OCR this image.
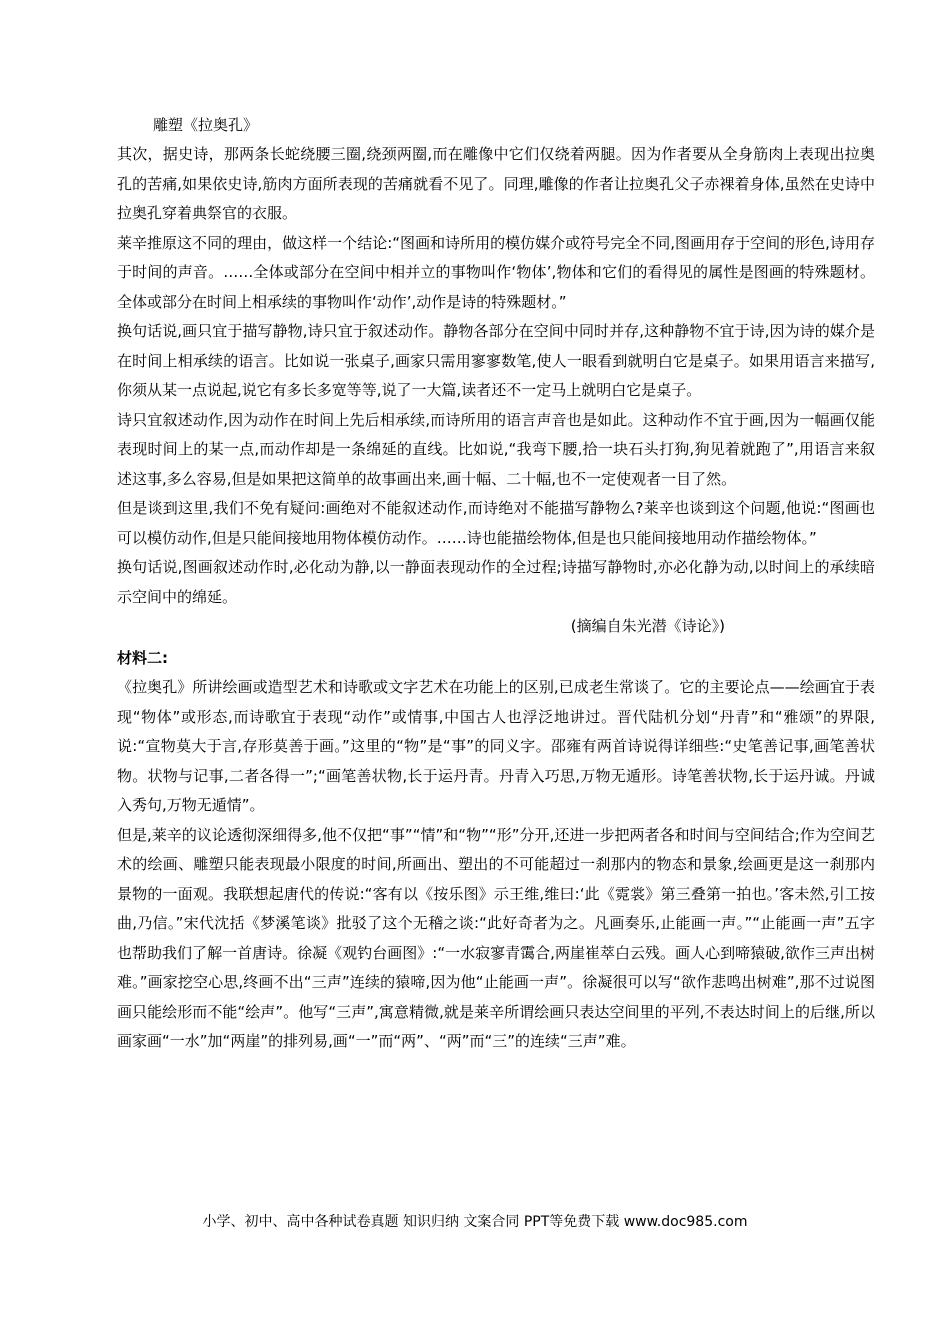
雕塑《拉奥孔》

其次，据史诗，那两条长蛇绕腰三圈,绕颈两圈,而在雕像中它们仅绕着两腿。因为作者要从全身筋肉上表现出拉奥孔的苦痛,如果依史诗,筋肉方面所表现的苦痛就看不见了。同理,雕像的作者让拉奥孔父子赤裸着身体,虽然在史诗中拉奥孔穿着典祭官的衣服。

莱辛推原这不同的理由，做这样一个结论:“图画和诗所用的模仿媒介或符号完全不同,图画用存于空间的形色,诗用存于时间的声音。……全体或部分在空间中相并立的事物叫作‘物体’,物体和它们的看得见的属性是图画的特殊题材。全体或部分在时间上相承续的事物叫作‘动作’,动作是诗的特殊题材。”

换句话说,画只宜于描写静物,诗只宜于叙述动作。静物各部分在空间中同时并存,这种静物不宜于诗,因为诗的媒介是在时间上相承续的语言。比如说一张桌子,画家只需用寥寥数笔,使人一眼看到就明白它是桌子。如果用语言来描写,你须从某一点说起,说它有多长多宽等等,说了一大篇,读者还不一定马上就明白它是桌子。

诗只宜叙述动作,因为动作在时间上先后相承续,而诗所用的语言声音也是如此。这种动作不宜于画,因为一幅画仅能表现时间上的某一点,而动作却是一条绵延的直线。比如说,“我弯下腰,拾一块石头打狗,狗见着就跑了”,用语言来叙述这事,多么容易,但是如果把这简单的故事画出来,画十幅、二十幅,也不一定使观者一目了然。

但是谈到这里,我们不免有疑问:画绝对不能叙述动作,而诗绝对不能描写静物么?莱辛也谈到这个问题,他说:“图画也可以模仿动作,但是只能间接地用物体模仿动作。……诗也能描绘物体,但是也只能间接地用动作描绘物体。”

换句话说,图画叙述动作时,必化动为静,以一静面表现动作的全过程;诗描写静物时,亦必化静为动,以时间上的承续暗示空间中的绵延。

(摘编自朱光潜《诗论》)
材料二:

《拉奥孔》所讲绘画或造型艺术和诗歌或文字艺术在功能上的区别,已成老生常谈了。它的主要论点——绘画宜于表现“物体”或形态,而诗歌宜于表现“动作”或情事,中国古人也浮泛地讲过。晋代陆机分划“丹青”和“雅颂”的界限,说:“宣物莫大于言,存形莫善于画。”这里的“物”是“事”的同义字。邵雍有两首诗说得详细些:“史笔善记事,画笔善状物。状物与记事,二者各得一”;“画笔善状物,长于运丹青。丹青入巧思,万物无遁形。诗笔善状物,长于运丹诚。丹诚入秀句,万物无遁情”。

但是,莱辛的议论透彻深细得多,他不仅把“事”“情”和“物”“形”分开,还进一步把两者各和时间与空间结合;作为空间艺术的绘画、雕塑只能表现最小限度的时间,所画出、塑出的不可能超过一刹那内的物态和景象,绘画更是这一刹那内景物的一面观。我联想起唐代的传说:“客有以《按乐图》示王维,维曰:‘此《霓裳》第三叠第一拍也。’客未然,引工按曲,乃信。”宋代沈括《梦溪笔谈》批驳了这个无稽之谈:“此好奇者为之。凡画奏乐,止能画一声。”“止能画一声”五字也帮助我们了解一首唐诗。徐凝《观钓台画图》:“一水寂寥青霭合,两崖崔萃白云残。画人心到啼猿破,欲作三声出树难。”画家挖空心思,终画不出“三声”连续的猿啼,因为他“止能画一声”。徐凝很可以写“欲作悲鸣出树难”,那不过说图画只能绘形而不能“绘声”。他写“三声”,寓意精微,就是莱辛所谓绘画只表达空间里的平列,不表达时间上的后继,所以画家画“一水”加“两崖”的排列易,画“一”而“两”、“两”而“三”的连续“三声”难。

小学、初中、高中各种试卷真题 知识归纳 文案合同 PPT等免费下载 www.doc985.com
